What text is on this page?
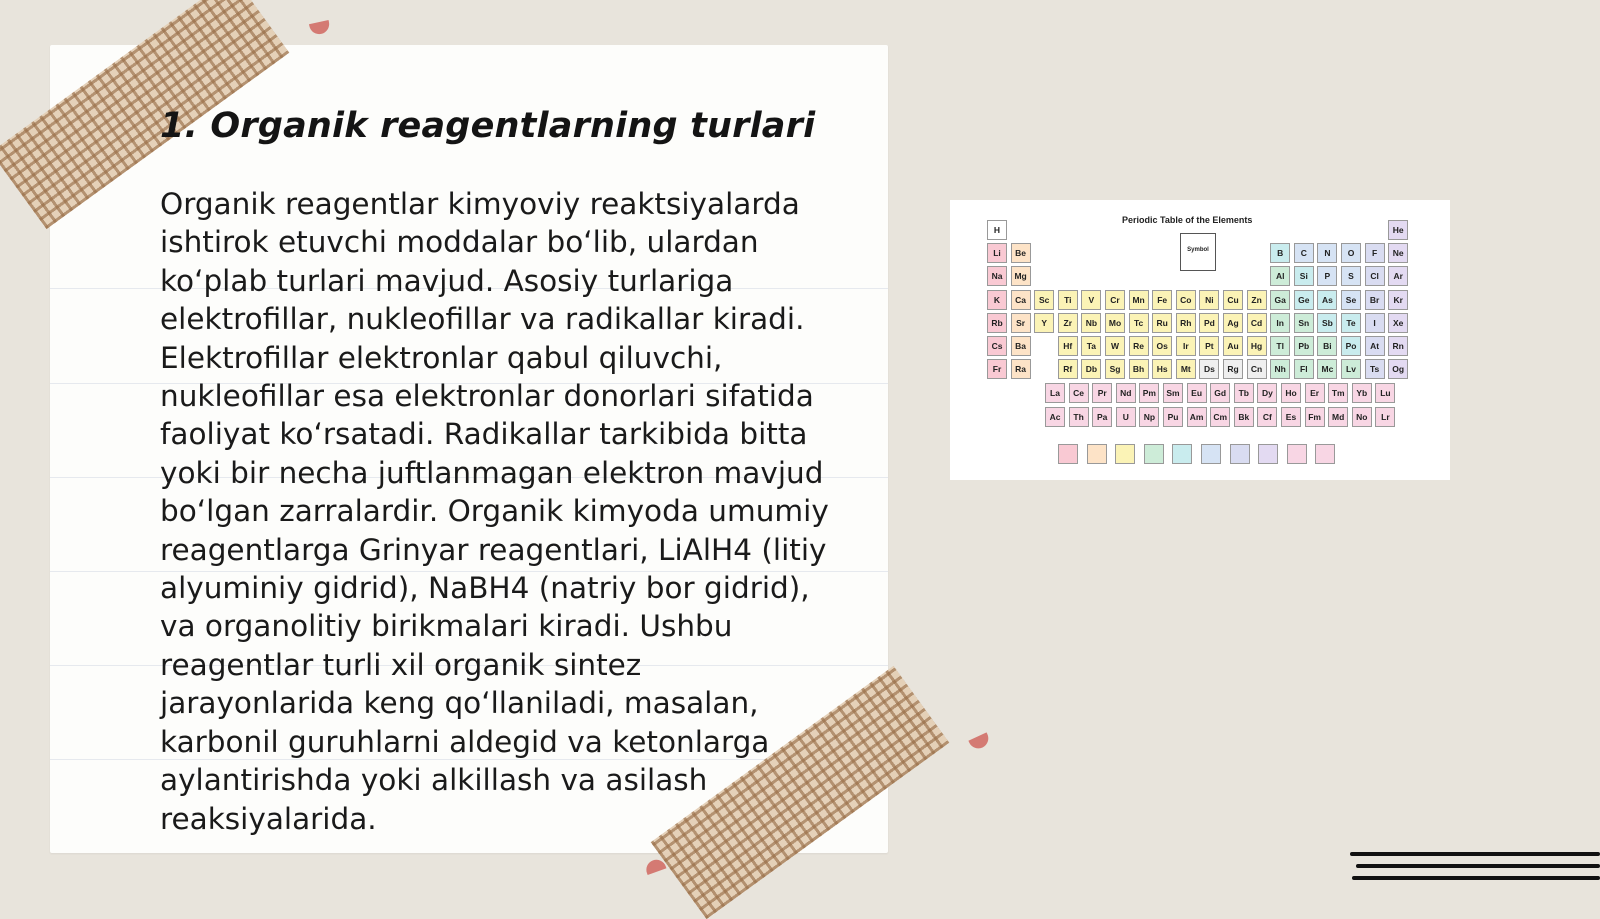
1. Organik reagentlarning turlari
Organik reagentlar kimyoviy reaktsiyalarda
ishtirok etuvchi moddalar boʻlib, ulardan
koʻplab turlari mavjud. Asosiy turlariga
elektrofillar, nukleofillar va radikallar kiradi.
Elektrofillar elektronlar qabul qiluvchi,
nukleofillar esa elektronlar donorlari sifatida
faoliyat koʻrsatadi. Radikallar tarkibida bitta
yoki bir necha juftlanmagan elektron mavjud
boʻlgan zarralardir. Organik kimyoda umumiy
reagentlarga Grinyar reagentlari, LiAlH4 (litiy
alyuminiy gidrid), NaBH4 (natriy bor gidrid),
va organolitiy birikmalari kiradi. Ushbu
reagentlar turli xil organik sintez
jarayonlarida keng qoʻllaniladi, masalan,
karbonil guruhlarni aldegid va ketonlarga
aylantirishda yoki alkillash va asilash
reaksiyalarida.
Periodic Table of the Elements
Symbol
H	He
Li	Be	B	C	N	O	F	Ne
Na	Mg	Al	Si	P	S	Cl	Ar
K	Ca	Sc	Ti	V	Cr	Mn	Fe	Co	Ni	Cu	Zn	Ga	Ge	As	Se	Br	Kr
Rb	Sr	Y	Zr	Nb	Mo	Tc	Ru	Rh	Pd	Ag	Cd	In	Sn	Sb	Te	I	Xe
Cs	Ba	Hf	Ta	W	Re	Os	Ir	Pt	Au	Hg	Tl	Pb	Bi	Po	At	Rn
Fr	Ra	Rf	Db	Sg	Bh	Hs	Mt	Ds	Rg	Cn	Nh	Fl	Mc	Lv	Ts	Og
La	Ce	Pr	Nd	Pm Sm	Eu	Gd	Tb	Dy	Ho	Er	Tm	Yb	Lu
Ac	Th	Pa	U	Np	Pu	Am Cm	Bk	Cf	Es	Fm	Md	No	Lr
